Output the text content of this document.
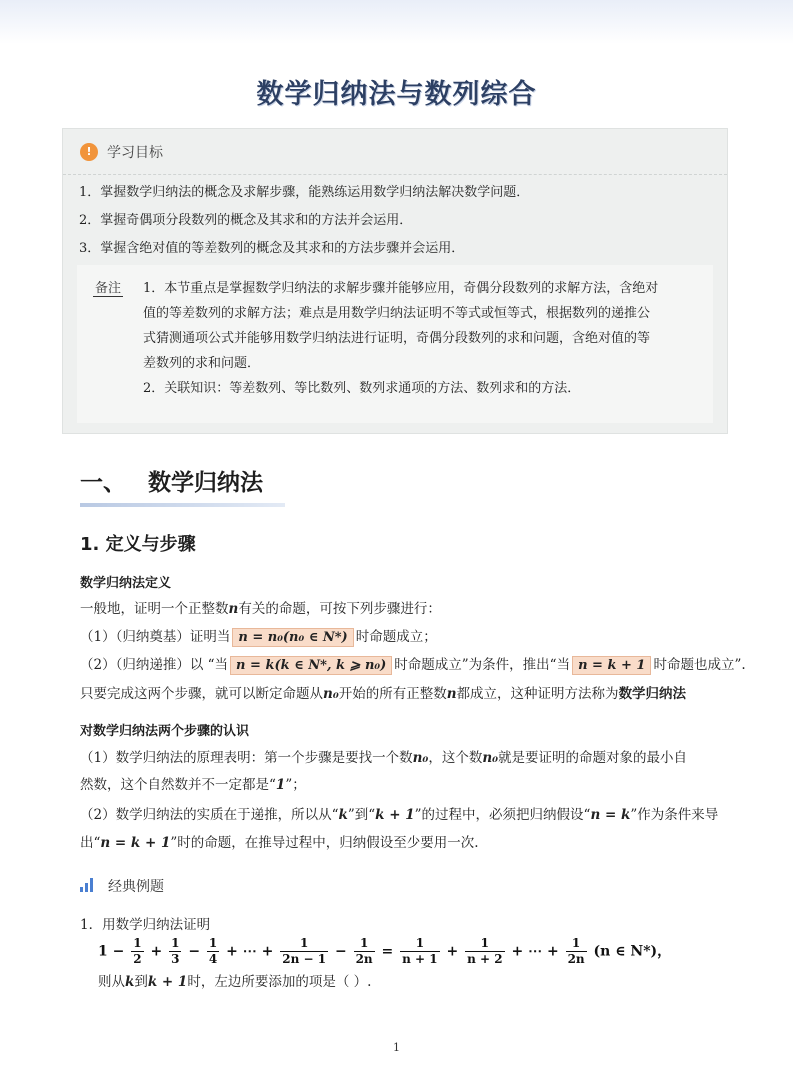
数学归纳法与数列综合
!	学习目标
1．掌握数学归纳法的概念及求解步骤，能熟练运用数学归纳法解决数学问题．
2．掌握奇偶项分段数列的概念及其求和的方法并会运用．
3．掌握含绝对值的等差数列的概念及其求和的方法步骤并会运用．
备注 1．本节重点是掌握数学归纳法的求解步骤并能够应用，奇偶分段数列的求解方法，含绝对
值的等差数列的求解方法；难点是用数学归纳法证明不等式或恒等式，根据数列的递推公
式猜测通项公式并能够用数学归纳法进行证明，奇偶分段数列的求和问题，含绝对值的等
差数列的求和问题．
2．关联知识：等差数列、等比数列、数列求通项的方法、数列求和的方法．
一、 数学归纳法
1. 定义与步骤
数学归纳法定义
一般地，证明一个正整数n有关的命题，可按下列步骤进行：
（1）（归纳奠基）证明当 n = n₀(n₀ ∈ N*) 时命题成立；
（2）（归纳递推）以 “当 n = k(k ∈ N*, k ⩾ n₀) 时命题成立”为条件，推出“当 n = k + 1 时命题也成立”.
只要完成这两个步骤，就可以断定命题从n₀开始的所有正整数n都成立，这种证明方法称为数学归纳法
对数学归纳法两个步骤的认识
（1）数学归纳法的原理表明：第一个步骤是要找一个数n₀，这个数n₀就是要证明的命题对象的最小自
然数，这个自然数并不一定都是“1”；
（2）数学归纳法的实质在于递推，所以从“k”到“k + 1”的过程中，必须把归纳假设“n = k”作为条件来导
出“n = k + 1”时的命题，在推导过程中，归纳假设至少要用一次.
经典例题
1．用数学归纳法证明
$1 - \frac{1}{2} + \frac{1}{3} - \frac{1}{4}$ + ⋯ + $\frac{1}{2n - 1} - \frac{1}{2n} = \frac{1}{n + 1} + \frac{1}{n + 2}$ + ⋯ + $\frac{1}{2n} (n$ ∈ N*)，
则从k到k + 1时，左边所要添加的项是（ ）.
1
